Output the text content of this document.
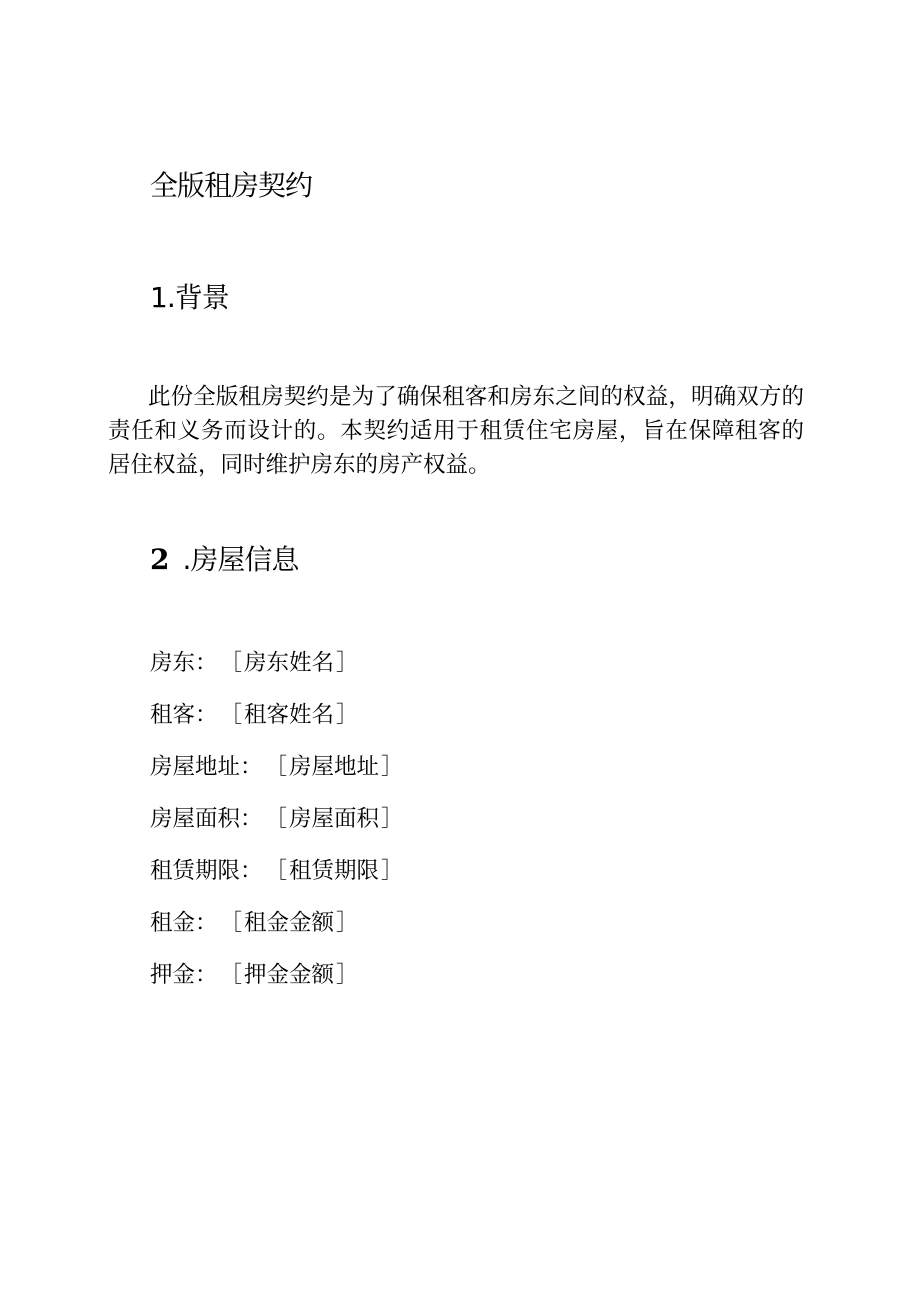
全版租房契约
1.背景

此份全版租房契约是为了确保租客和房东之间的权益，明确双方的责任和义务而设计的。本契约适用于租赁住宅房屋，旨在保障租客的居住权益，同时维护房东的房产权益。

2 .房屋信息
房东：［房东姓名］
租客：［租客姓名］
房屋地址：［房屋地址］
房屋面积：［房屋面积］
租赁期限：［租赁期限］
租金：［租金金额］
押金：［押金金额］
